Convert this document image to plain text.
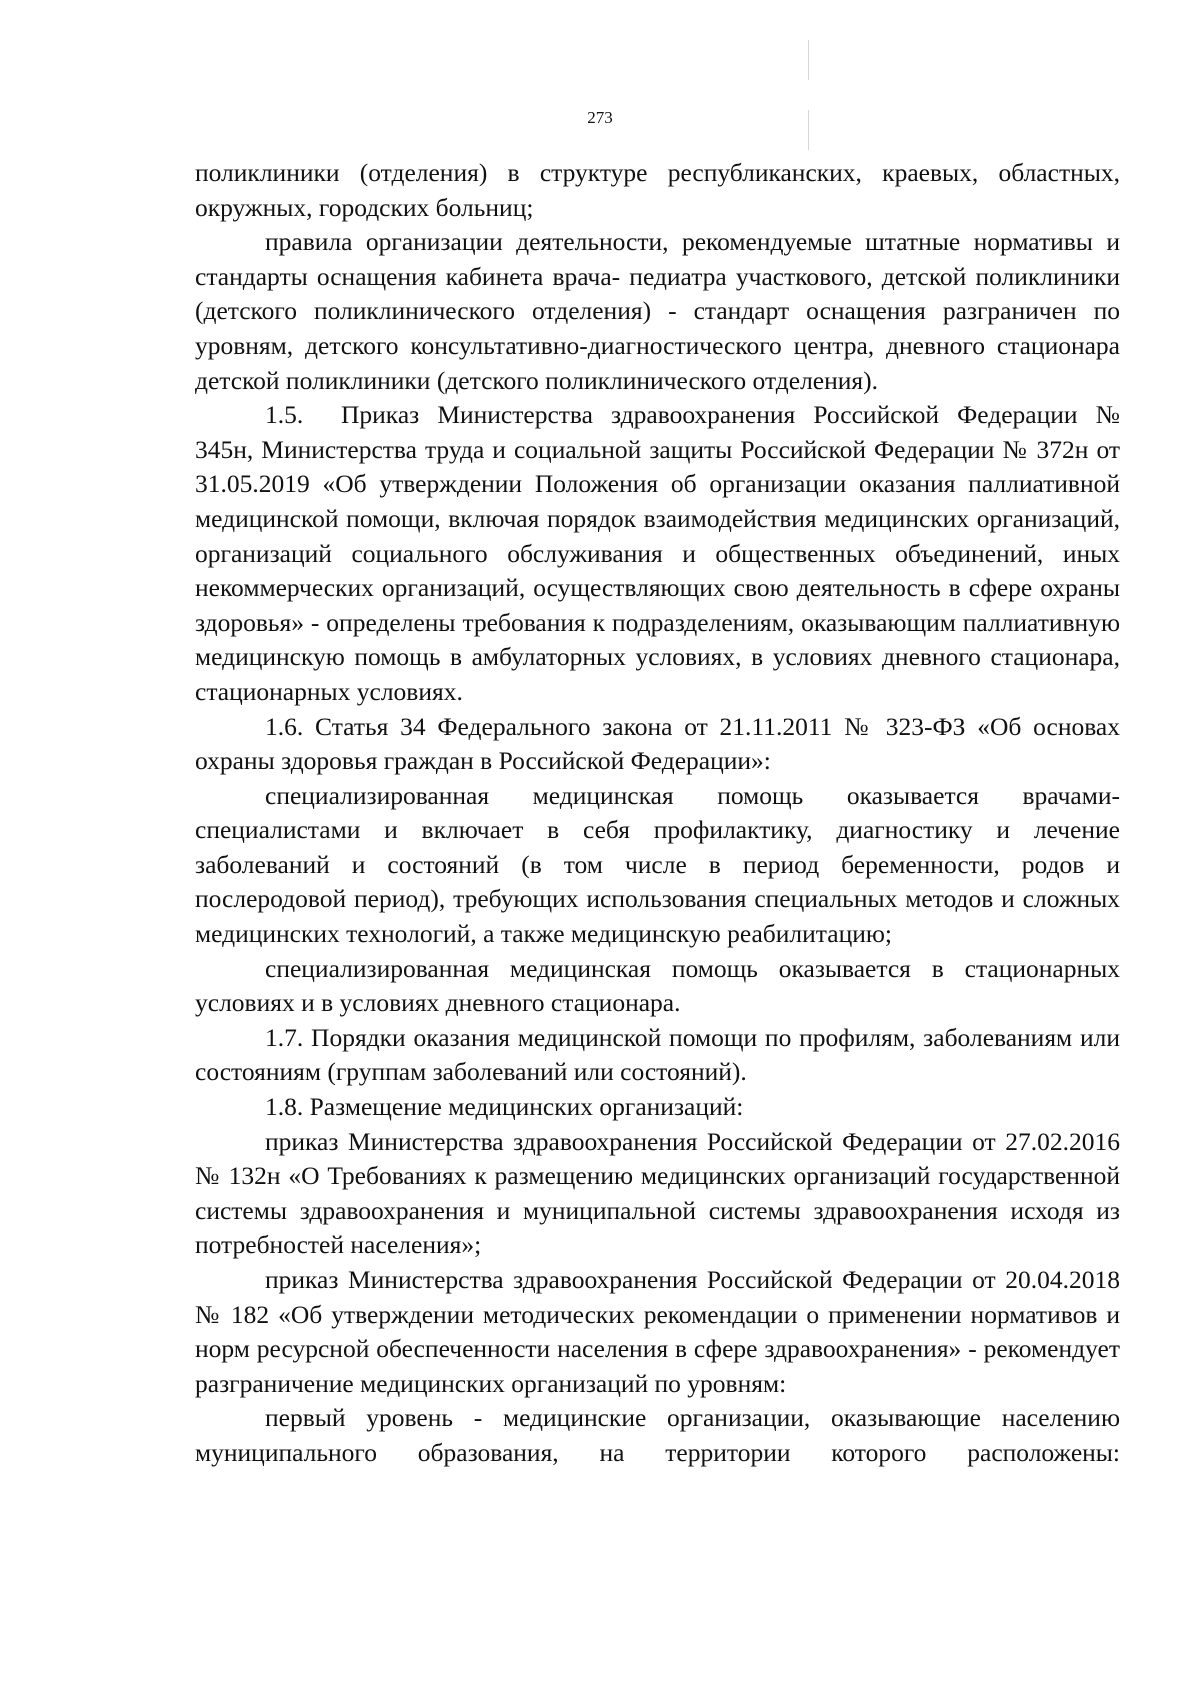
273

поликлиники (отделения) в структуре республиканских, краевых, областных, окружных, городских больниц;

правила организации деятельности, рекомендуемые штатные нормативы и стандарты оснащения кабинета врача- педиатра участкового, детской поликлиники (детского поликлинического отделения) - стандарт оснащения разграничен по уровням, детского консультативно-диагностического центра, дневного стационара детской поликлиники (детского поликлинического отделения).

1.5. Приказ Министерства здравоохранения Российской Федерации № 345н, Министерства труда и социальной защиты Российской Федерации № 372н от 31.05.2019 «Об утверждении Положения об организации оказания паллиативной медицинской помощи, включая порядок взаимодействия медицинских организаций, организаций социального обслуживания и общественных объединений, иных некоммерческих организаций, осуществляющих свою деятельность в сфере охраны здоровья» - определены требования к подразделениям, оказывающим паллиативную медицинскую помощь в амбулаторных условиях, в условиях дневного стационара, стационарных условиях.

1.6. Статья 34 Федерального закона от 21.11.2011 № 323-ФЗ «Об основах охраны здоровья граждан в Российской Федерации»:

специализированная медицинская помощь оказывается врачами-специалистами и включает в себя профилактику, диагностику и лечение заболеваний и состояний (в том числе в период беременности, родов и послеродовой период), требующих использования специальных методов и сложных медицинских технологий, а также медицинскую реабилитацию;

специализированная медицинская помощь оказывается в стационарных условиях и в условиях дневного стационара.

1.7. Порядки оказания медицинской помощи по профилям, заболеваниям или состояниям (группам заболеваний или состояний).

1.8. Размещение медицинских организаций:

приказ Министерства здравоохранения Российской Федерации от 27.02.2016 № 132н «О Требованиях к размещению медицинских организаций государственной системы здравоохранения и муниципальной системы здравоохранения исходя из потребностей населения»;

приказ Министерства здравоохранения Российской Федерации от 20.04.2018 № 182 «Об утверждении методических рекомендации о применении нормативов и норм ресурсной обеспеченности населения в сфере здравоохранения» - рекомендует разграничение медицинских организаций по уровням:

первый уровень - медицинские организации, оказывающие населению муниципального образования, на территории которого расположены:
